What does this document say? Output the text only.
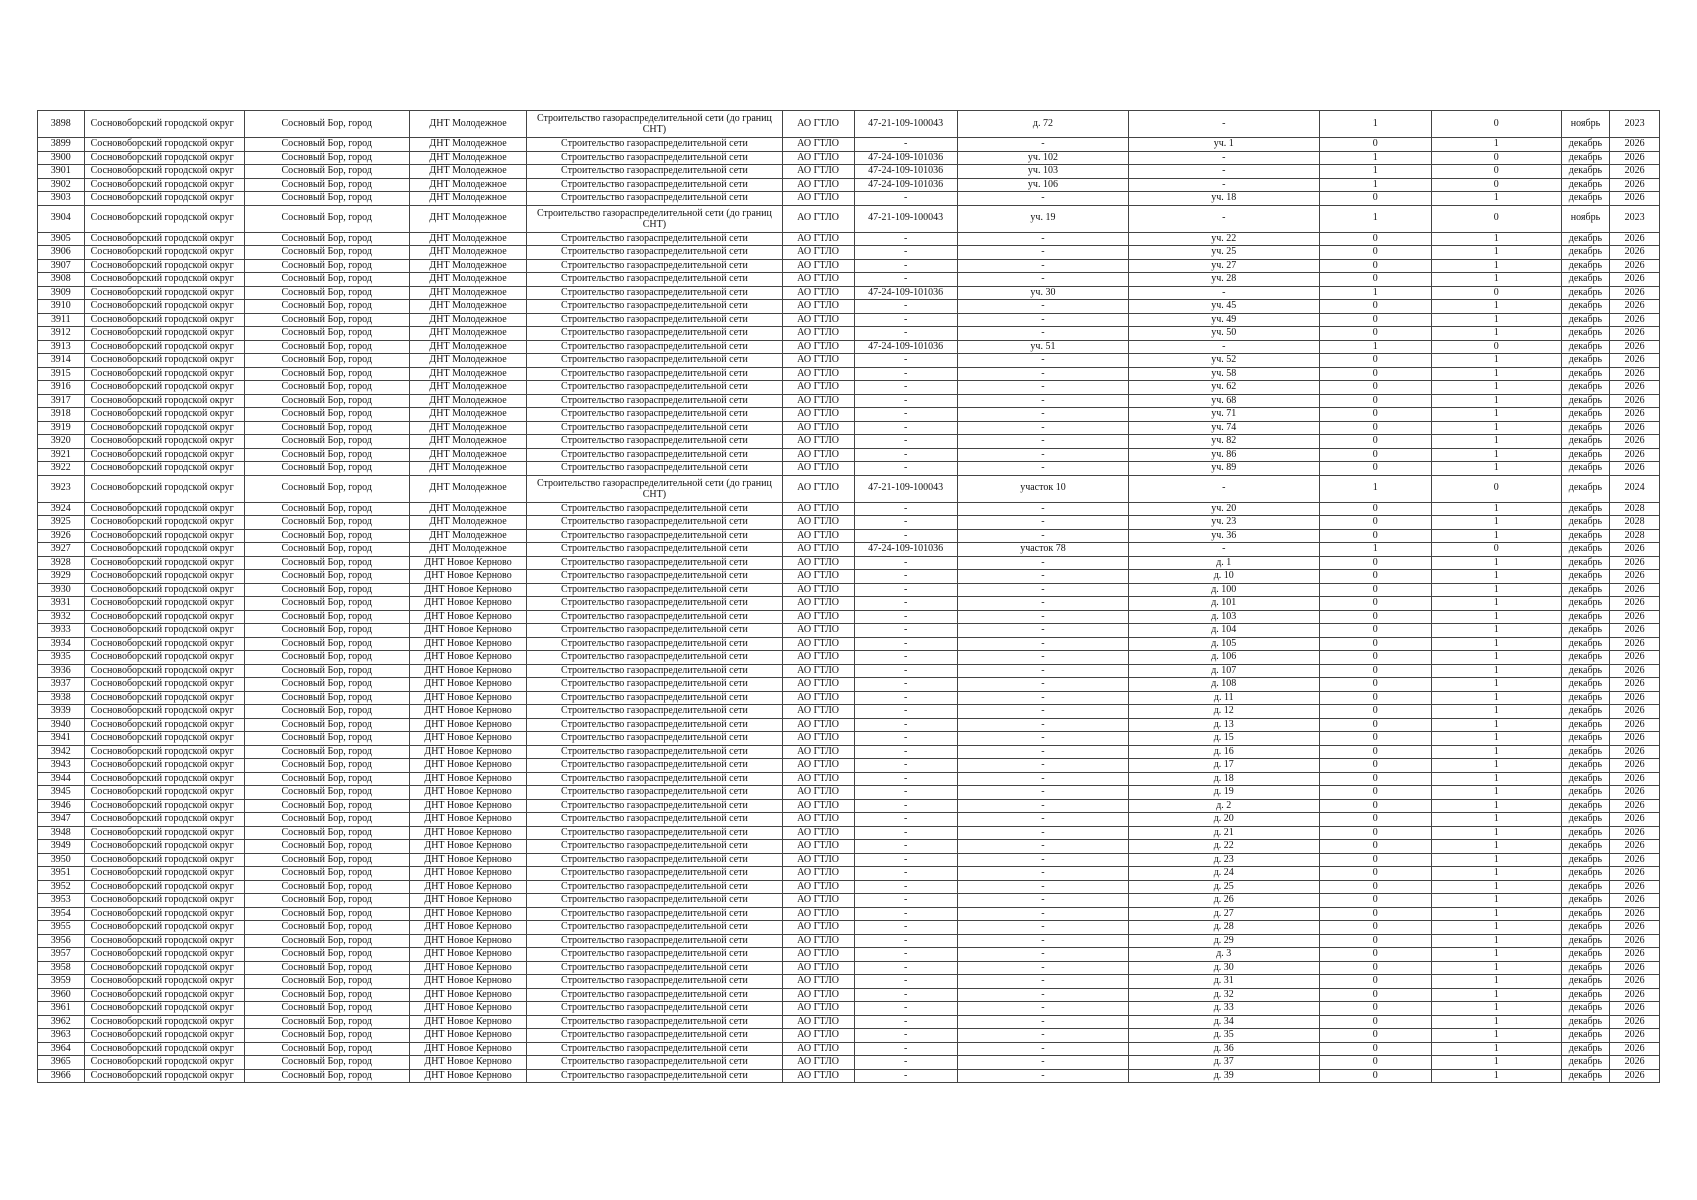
3898	Сосновоборский городской округ	Сосновый Бор, город	ДНТ Молодежное	Строительство газораспределительной сети (до границ СНТ)	АО ГТЛО	47-21-109-100043	д. 72	-	1	0	ноябрь	2023
3899	Сосновоборский городской округ	Сосновый Бор, город	ДНТ Молодежное	Строительство газораспределительной сети	АО ГТЛО	-	-	уч. 1	0	1	декабрь	2026
3900	Сосновоборский городской округ	Сосновый Бор, город	ДНТ Молодежное	Строительство газораспределительной сети	АО ГТЛО	47-24-109-101036	уч. 102	-	1	0	декабрь	2026
3901	Сосновоборский городской округ	Сосновый Бор, город	ДНТ Молодежное	Строительство газораспределительной сети	АО ГТЛО	47-24-109-101036	уч. 103	-	1	0	декабрь	2026
3902	Сосновоборский городской округ	Сосновый Бор, город	ДНТ Молодежное	Строительство газораспределительной сети	АО ГТЛО	47-24-109-101036	уч. 106	-	1	0	декабрь	2026
3903	Сосновоборский городской округ	Сосновый Бор, город	ДНТ Молодежное	Строительство газораспределительной сети	АО ГТЛО	-	-	уч. 18	0	1	декабрь	2026
3904	Сосновоборский городской округ	Сосновый Бор, город	ДНТ Молодежное	Строительство газораспределительной сети (до границ СНТ)	АО ГТЛО	47-21-109-100043	уч. 19	-	1	0	ноябрь	2023
3905	Сосновоборский городской округ	Сосновый Бор, город	ДНТ Молодежное	Строительство газораспределительной сети	АО ГТЛО	-	-	уч. 22	0	1	декабрь	2026
3906	Сосновоборский городской округ	Сосновый Бор, город	ДНТ Молодежное	Строительство газораспределительной сети	АО ГТЛО	-	-	уч. 25	0	1	декабрь	2026
3907	Сосновоборский городской округ	Сосновый Бор, город	ДНТ Молодежное	Строительство газораспределительной сети	АО ГТЛО	-	-	уч. 27	0	1	декабрь	2026
3908	Сосновоборский городской округ	Сосновый Бор, город	ДНТ Молодежное	Строительство газораспределительной сети	АО ГТЛО	-	-	уч. 28	0	1	декабрь	2026
3909	Сосновоборский городской округ	Сосновый Бор, город	ДНТ Молодежное	Строительство газораспределительной сети	АО ГТЛО	47-24-109-101036	уч. 30	-	1	0	декабрь	2026
3910	Сосновоборский городской округ	Сосновый Бор, город	ДНТ Молодежное	Строительство газораспределительной сети	АО ГТЛО	-	-	уч. 45	0	1	декабрь	2026
3911	Сосновоборский городской округ	Сосновый Бор, город	ДНТ Молодежное	Строительство газораспределительной сети	АО ГТЛО	-	-	уч. 49	0	1	декабрь	2026
3912	Сосновоборский городской округ	Сосновый Бор, город	ДНТ Молодежное	Строительство газораспределительной сети	АО ГТЛО	-	-	уч. 50	0	1	декабрь	2026
3913	Сосновоборский городской округ	Сосновый Бор, город	ДНТ Молодежное	Строительство газораспределительной сети	АО ГТЛО	47-24-109-101036	уч. 51	-	1	0	декабрь	2026
3914	Сосновоборский городской округ	Сосновый Бор, город	ДНТ Молодежное	Строительство газораспределительной сети	АО ГТЛО	-	-	уч. 52	0	1	декабрь	2026
3915	Сосновоборский городской округ	Сосновый Бор, город	ДНТ Молодежное	Строительство газораспределительной сети	АО ГТЛО	-	-	уч. 58	0	1	декабрь	2026
3916	Сосновоборский городской округ	Сосновый Бор, город	ДНТ Молодежное	Строительство газораспределительной сети	АО ГТЛО	-	-	уч. 62	0	1	декабрь	2026
3917	Сосновоборский городской округ	Сосновый Бор, город	ДНТ Молодежное	Строительство газораспределительной сети	АО ГТЛО	-	-	уч. 68	0	1	декабрь	2026
3918	Сосновоборский городской округ	Сосновый Бор, город	ДНТ Молодежное	Строительство газораспределительной сети	АО ГТЛО	-	-	уч. 71	0	1	декабрь	2026
3919	Сосновоборский городской округ	Сосновый Бор, город	ДНТ Молодежное	Строительство газораспределительной сети	АО ГТЛО	-	-	уч. 74	0	1	декабрь	2026
3920	Сосновоборский городской округ	Сосновый Бор, город	ДНТ Молодежное	Строительство газораспределительной сети	АО ГТЛО	-	-	уч. 82	0	1	декабрь	2026
3921	Сосновоборский городской округ	Сосновый Бор, город	ДНТ Молодежное	Строительство газораспределительной сети	АО ГТЛО	-	-	уч. 86	0	1	декабрь	2026
3922	Сосновоборский городской округ	Сосновый Бор, город	ДНТ Молодежное	Строительство газораспределительной сети	АО ГТЛО	-	-	уч. 89	0	1	декабрь	2026
3923	Сосновоборский городской округ	Сосновый Бор, город	ДНТ Молодежное	Строительство газораспределительной сети (до границ СНТ)	АО ГТЛО	47-21-109-100043	участок 10	-	1	0	декабрь	2024
3924	Сосновоборский городской округ	Сосновый Бор, город	ДНТ Молодежное	Строительство газораспределительной сети	АО ГТЛО	-	-	уч. 20	0	1	декабрь	2028
3925	Сосновоборский городской округ	Сосновый Бор, город	ДНТ Молодежное	Строительство газораспределительной сети	АО ГТЛО	-	-	уч. 23	0	1	декабрь	2028
3926	Сосновоборский городской округ	Сосновый Бор, город	ДНТ Молодежное	Строительство газораспределительной сети	АО ГТЛО	-	-	уч. 36	0	1	декабрь	2028
3927	Сосновоборский городской округ	Сосновый Бор, город	ДНТ Молодежное	Строительство газораспределительной сети	АО ГТЛО	47-24-109-101036	участок 78	-	1	0	декабрь	2026
3928	Сосновоборский городской округ	Сосновый Бор, город	ДНТ Новое Керново	Строительство газораспределительной сети	АО ГТЛО	-	-	д. 1	0	1	декабрь	2026
3929	Сосновоборский городской округ	Сосновый Бор, город	ДНТ Новое Керново	Строительство газораспределительной сети	АО ГТЛО	-	-	д. 10	0	1	декабрь	2026
3930	Сосновоборский городской округ	Сосновый Бор, город	ДНТ Новое Керново	Строительство газораспределительной сети	АО ГТЛО	-	-	д. 100	0	1	декабрь	2026
3931	Сосновоборский городской округ	Сосновый Бор, город	ДНТ Новое Керново	Строительство газораспределительной сети	АО ГТЛО	-	-	д. 101	0	1	декабрь	2026
3932	Сосновоборский городской округ	Сосновый Бор, город	ДНТ Новое Керново	Строительство газораспределительной сети	АО ГТЛО	-	-	д. 103	0	1	декабрь	2026
3933	Сосновоборский городской округ	Сосновый Бор, город	ДНТ Новое Керново	Строительство газораспределительной сети	АО ГТЛО	-	-	д. 104	0	1	декабрь	2026
3934	Сосновоборский городской округ	Сосновый Бор, город	ДНТ Новое Керново	Строительство газораспределительной сети	АО ГТЛО	-	-	д. 105	0	1	декабрь	2026
3935	Сосновоборский городской округ	Сосновый Бор, город	ДНТ Новое Керново	Строительство газораспределительной сети	АО ГТЛО	-	-	д. 106	0	1	декабрь	2026
3936	Сосновоборский городской округ	Сосновый Бор, город	ДНТ Новое Керново	Строительство газораспределительной сети	АО ГТЛО	-	-	д. 107	0	1	декабрь	2026
3937	Сосновоборский городской округ	Сосновый Бор, город	ДНТ Новое Керново	Строительство газораспределительной сети	АО ГТЛО	-	-	д. 108	0	1	декабрь	2026
3938	Сосновоборский городской округ	Сосновый Бор, город	ДНТ Новое Керново	Строительство газораспределительной сети	АО ГТЛО	-	-	д. 11	0	1	декабрь	2026
3939	Сосновоборский городской округ	Сосновый Бор, город	ДНТ Новое Керново	Строительство газораспределительной сети	АО ГТЛО	-	-	д. 12	0	1	декабрь	2026
3940	Сосновоборский городской округ	Сосновый Бор, город	ДНТ Новое Керново	Строительство газораспределительной сети	АО ГТЛО	-	-	д. 13	0	1	декабрь	2026
3941	Сосновоборский городской округ	Сосновый Бор, город	ДНТ Новое Керново	Строительство газораспределительной сети	АО ГТЛО	-	-	д. 15	0	1	декабрь	2026
3942	Сосновоборский городской округ	Сосновый Бор, город	ДНТ Новое Керново	Строительство газораспределительной сети	АО ГТЛО	-	-	д. 16	0	1	декабрь	2026
3943	Сосновоборский городской округ	Сосновый Бор, город	ДНТ Новое Керново	Строительство газораспределительной сети	АО ГТЛО	-	-	д. 17	0	1	декабрь	2026
3944	Сосновоборский городской округ	Сосновый Бор, город	ДНТ Новое Керново	Строительство газораспределительной сети	АО ГТЛО	-	-	д. 18	0	1	декабрь	2026
3945	Сосновоборский городской округ	Сосновый Бор, город	ДНТ Новое Керново	Строительство газораспределительной сети	АО ГТЛО	-	-	д. 19	0	1	декабрь	2026
3946	Сосновоборский городской округ	Сосновый Бор, город	ДНТ Новое Керново	Строительство газораспределительной сети	АО ГТЛО	-	-	д. 2	0	1	декабрь	2026
3947	Сосновоборский городской округ	Сосновый Бор, город	ДНТ Новое Керново	Строительство газораспределительной сети	АО ГТЛО	-	-	д. 20	0	1	декабрь	2026
3948	Сосновоборский городской округ	Сосновый Бор, город	ДНТ Новое Керново	Строительство газораспределительной сети	АО ГТЛО	-	-	д. 21	0	1	декабрь	2026
3949	Сосновоборский городской округ	Сосновый Бор, город	ДНТ Новое Керново	Строительство газораспределительной сети	АО ГТЛО	-	-	д. 22	0	1	декабрь	2026
3950	Сосновоборский городской округ	Сосновый Бор, город	ДНТ Новое Керново	Строительство газораспределительной сети	АО ГТЛО	-	-	д. 23	0	1	декабрь	2026
3951	Сосновоборский городской округ	Сосновый Бор, город	ДНТ Новое Керново	Строительство газораспределительной сети	АО ГТЛО	-	-	д. 24	0	1	декабрь	2026
3952	Сосновоборский городской округ	Сосновый Бор, город	ДНТ Новое Керново	Строительство газораспределительной сети	АО ГТЛО	-	-	д. 25	0	1	декабрь	2026
3953	Сосновоборский городской округ	Сосновый Бор, город	ДНТ Новое Керново	Строительство газораспределительной сети	АО ГТЛО	-	-	д. 26	0	1	декабрь	2026
3954	Сосновоборский городской округ	Сосновый Бор, город	ДНТ Новое Керново	Строительство газораспределительной сети	АО ГТЛО	-	-	д. 27	0	1	декабрь	2026
3955	Сосновоборский городской округ	Сосновый Бор, город	ДНТ Новое Керново	Строительство газораспределительной сети	АО ГТЛО	-	-	д. 28	0	1	декабрь	2026
3956	Сосновоборский городской округ	Сосновый Бор, город	ДНТ Новое Керново	Строительство газораспределительной сети	АО ГТЛО	-	-	д. 29	0	1	декабрь	2026
3957	Сосновоборский городской округ	Сосновый Бор, город	ДНТ Новое Керново	Строительство газораспределительной сети	АО ГТЛО	-	-	д. 3	0	1	декабрь	2026
3958	Сосновоборский городской округ	Сосновый Бор, город	ДНТ Новое Керново	Строительство газораспределительной сети	АО ГТЛО	-	-	д. 30	0	1	декабрь	2026
3959	Сосновоборский городской округ	Сосновый Бор, город	ДНТ Новое Керново	Строительство газораспределительной сети	АО ГТЛО	-	-	д. 31	0	1	декабрь	2026
3960	Сосновоборский городской округ	Сосновый Бор, город	ДНТ Новое Керново	Строительство газораспределительной сети	АО ГТЛО	-	-	д. 32	0	1	декабрь	2026
3961	Сосновоборский городской округ	Сосновый Бор, город	ДНТ Новое Керново	Строительство газораспределительной сети	АО ГТЛО	-	-	д. 33	0	1	декабрь	2026
3962	Сосновоборский городской округ	Сосновый Бор, город	ДНТ Новое Керново	Строительство газораспределительной сети	АО ГТЛО	-	-	д. 34	0	1	декабрь	2026
3963	Сосновоборский городской округ	Сосновый Бор, город	ДНТ Новое Керново	Строительство газораспределительной сети	АО ГТЛО	-	-	д. 35	0	1	декабрь	2026
3964	Сосновоборский городской округ	Сосновый Бор, город	ДНТ Новое Керново	Строительство газораспределительной сети	АО ГТЛО	-	-	д. 36	0	1	декабрь	2026
3965	Сосновоборский городской округ	Сосновый Бор, город	ДНТ Новое Керново	Строительство газораспределительной сети	АО ГТЛО	-	-	д. 37	0	1	декабрь	2026
3966	Сосновоборский городской округ	Сосновый Бор, город	ДНТ Новое Керново	Строительство газораспределительной сети	АО ГТЛО	-	-	д. 39	0	1	декабрь	2026
